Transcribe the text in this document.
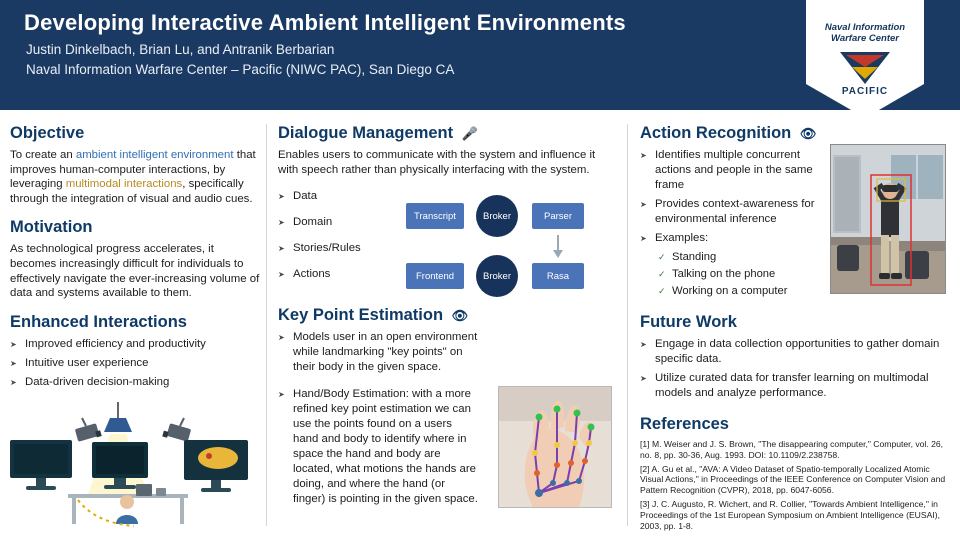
Developing Interactive Ambient Intelligent Environments
Justin Dinkelbach, Brian Lu, and Antranik Berbarian
Naval Information Warfare Center – Pacific (NIWC PAC), San Diego CA
Naval Information
Warfare Center
PACIFIC
Objective

To create an ambient intelligent environment that improves human-computer interactions, by leveraging multimodal interactions, specifically through the integration of visual and audio cues.

Motivation

As technological progress accelerates, it becomes increasingly difficult for individuals to effectively navigate the ever-increasing volume of data and systems available to them.

Enhanced Interactions
➤ Improved efficiency and productivity
➤ Intuitive user experience
➤ Data-driven decision-making
Dialogue Management 🎤

Enables users to communicate with the system and influence it with speech rather than physically interfacing with the system.

➤ Data
➤ Domain
➤ Stories/Rules
➤ Actions
Transcript	Broker	Parser
Frontend	Broker	Rasa
Key Point Estimation 👁
➤ Models user in an open environment while landmarking "key points" on their body in the given space.
➤ Hand/Body Estimation: with a more refined key point estimation we can use the points found on a users hand and body to identify where in space the hand and body are located, what motions the hands are doing, and where the hand (or finger) is pointing in the given space.
Action Recognition 👁
➤ Identifies multiple concurrent actions and people in the same frame
➤ Provides context-awareness for environmental inference
➤ Examples:
✓ Standing
✓ Talking on the phone
✓ Working on a computer
Future Work
➤ Engage in data collection opportunities to gather domain specific data.
➤ Utilize curated data for transfer learning on multimodal models and analyze performance.
References

[1] M. Weiser and J. S. Brown, "The disappearing computer," Computer, vol. 26, no. 8, pp. 30-36, Aug. 1993. DOI: 10.1109/2.238758.

[2] A. Gu et al., "AVA: A Video Dataset of Spatio-temporally Localized Atomic Visual Actions," in Proceedings of the IEEE Conference on Computer Vision and Pattern Recognition (CVPR), 2018, pp. 6047-6056.

[3] J. C. Augusto, R. Wichert, and R. Collier, "Towards Ambient Intelligence," in Proceedings of the 1st European Symposium on Ambient Intelligence (EUSAI), 2003, pp. 1-8.
